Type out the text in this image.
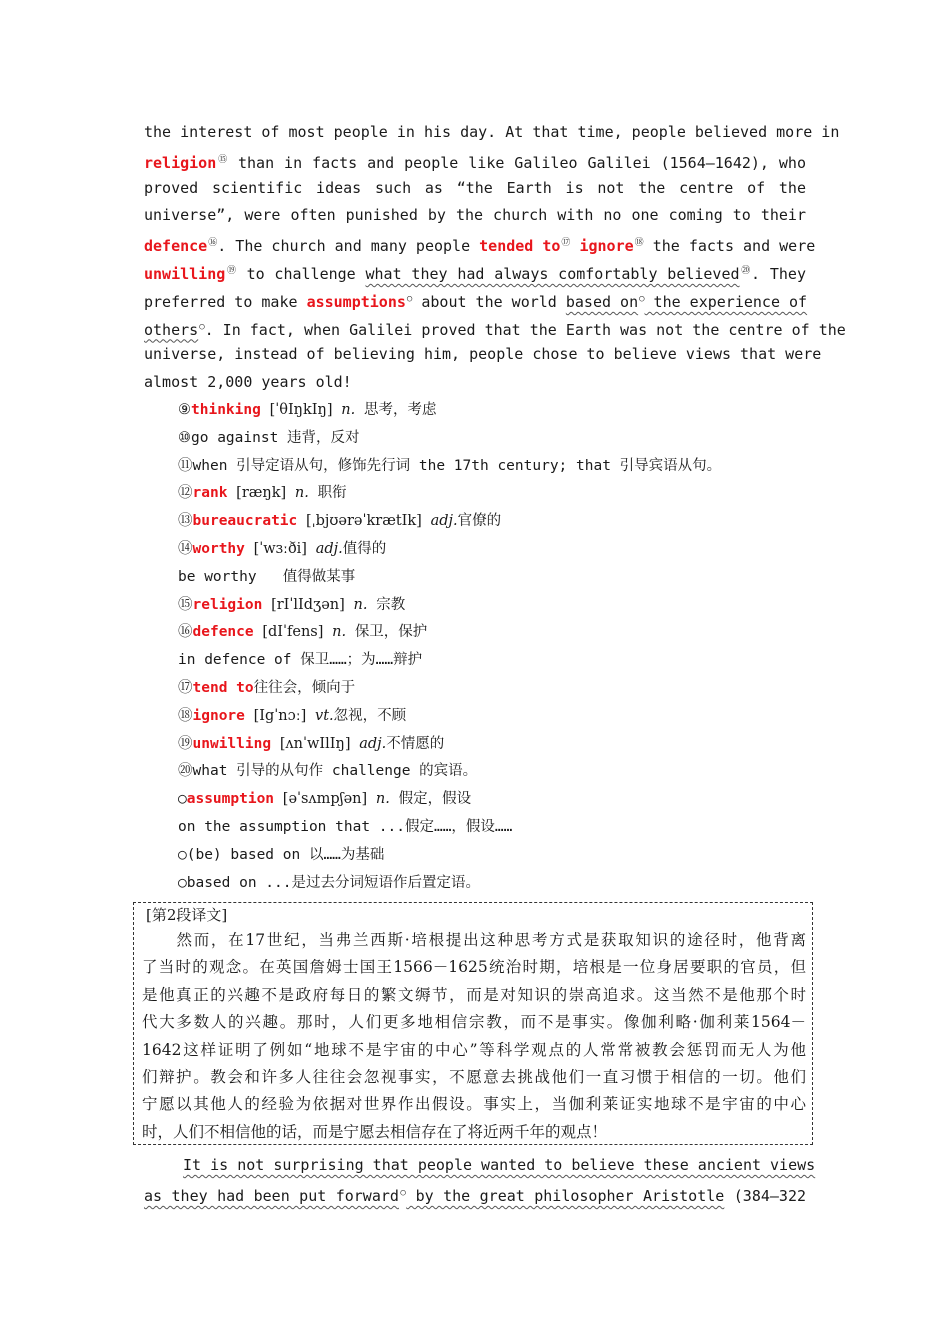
the interest of most people in his day. At that time, people believed more in
religion⑮ than in facts and people like Galileo Galilei (1564—1642), who
proved scientific ideas such as “the Earth is not the centre of the
universe”, were often punished by the church with no one coming to their
defence⑯. The church and many people tended to⑰ ignore⑱ the facts and were
unwilling⑲ to challenge what they had always comfortably believed⑳. They
preferred to make assumptions○ about the world based on○ the experience of
others○. In fact, when Galilei proved that the Earth was not the centre of the
universe, instead of believing him, people chose to believe views that were
almost 2,000 years old!
⑨thinking [ˈθIŋkIŋ] n. 思考，考虑
⑩go against 违背，反对
⑪when 引导定语从句，修饰先行词 the 17th century; that 引导宾语从句。
⑫rank [ræŋk] n. 职衔
⑬bureaucratic [ˌbjʊərəˈkrætIk] adj.官僚的
⑭worthy [ˈwɜːði] adj.值得的
be worthy   值得做某事
⑮religion [rIˈlIdʒən] n. 宗教
⑯defence [dIˈfens] n. 保卫，保护
in defence of 保卫……；为……辩护
⑰tend to往往会，倾向于
⑱ignore [Igˈnɔː] vt.忽视，不顾
⑲unwilling [ʌnˈwIlIŋ] adj.不情愿的
⑳what 引导的从句作 challenge 的宾语。
○assumption [əˈsʌmpʃən] n. 假定，假设
on the assumption that ...假定……，假设……
○(be) based on 以……为基础
○based on ...是过去分词短语作后置定语。
[第2段译文]
　　然而，在17世纪，当弗兰西斯·培根提出这种思考方式是获取知识的途径时，他背离
了当时的观念。在英国詹姆士国王1566－1625统治时期，培根是一位身居要职的官员，但
是他真正的兴趣不是政府每日的繁文缛节，而是对知识的崇高追求。这当然不是他那个时
代大多数人的兴趣。那时，人们更多地相信宗教，而不是事实。像伽利略·伽利莱1564－
1642这样证明了例如“地球不是宇宙的中心”等科学观点的人常常被教会惩罚而无人为他
们辩护。教会和许多人往往会忽视事实，不愿意去挑战他们一直习惯于相信的一切。他们
宁愿以其他人的经验为依据对世界作出假设。事实上，当伽利莱证实地球不是宇宙的中心
时，人们不相信他的话，而是宁愿去相信存在了将近两千年的观点！
　　 It is not surprising that people wanted to believe these ancient views
as they had been put forward○ by the great philosopher Aristotle (384—322
